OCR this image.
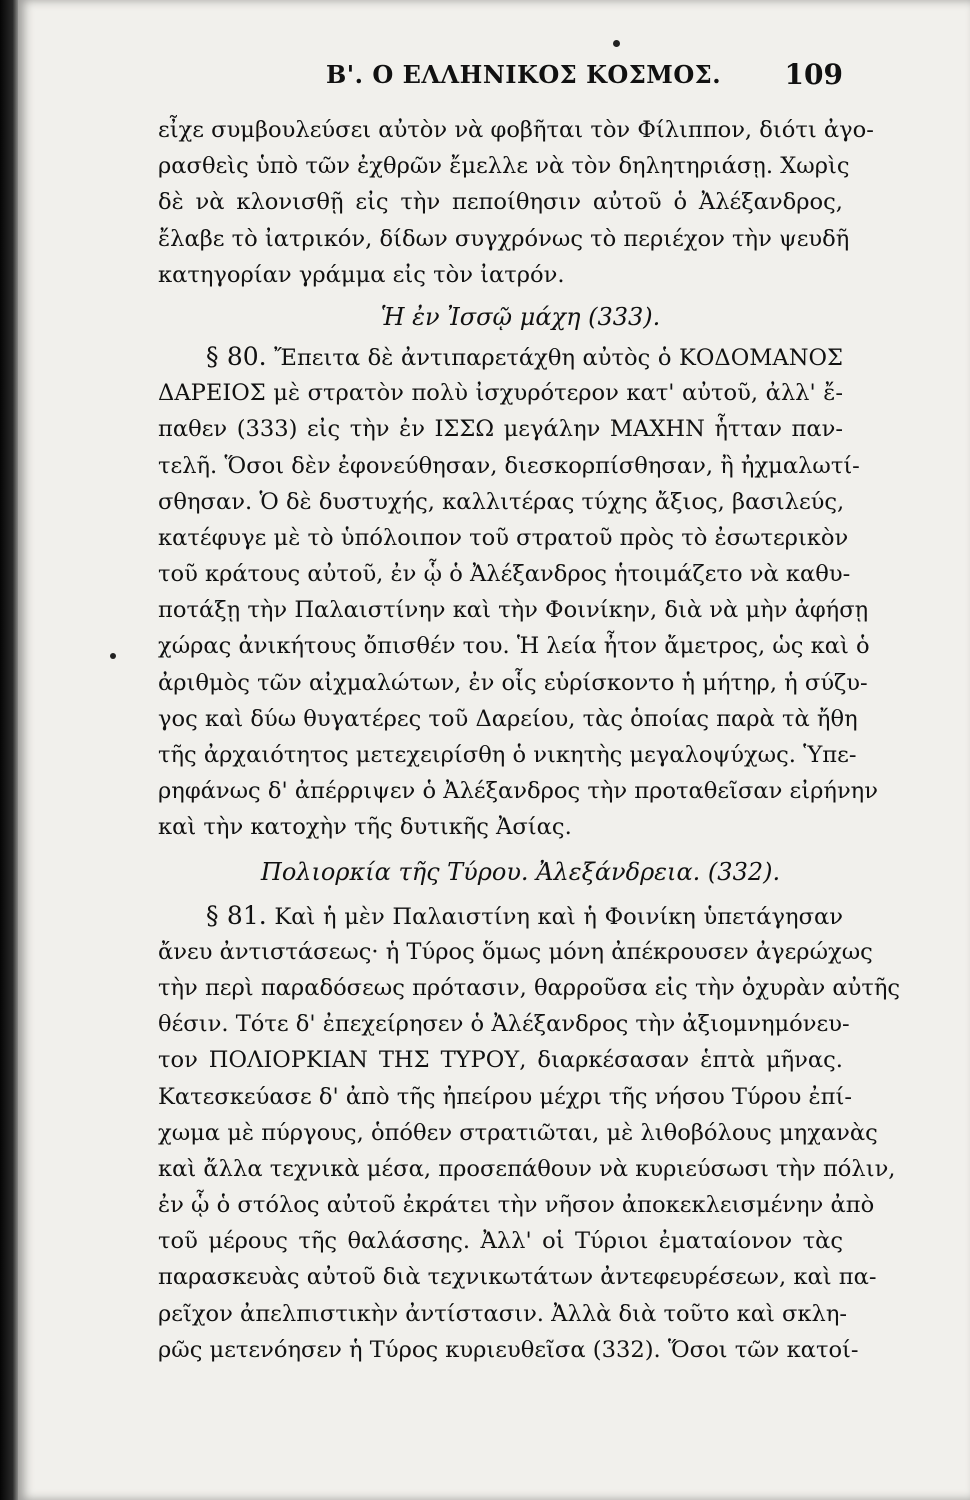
Β'. Ο ΕΛΛΗΝΙΚΟΣ ΚΟΣΜΟΣ. 109
εἶχε συμβουλεύσει αὐτὸν νὰ φοβῆται τὸν Φίλιππον, διότι ἀγο-
ρασθεὶς ὑπὸ τῶν ἐχθρῶν ἔμελλε νὰ τὸν δηλητηριάσῃ. Χωρὶς
δὲ νὰ κλονισθῇ εἰς τὴν πεποίθησιν αὐτοῦ ὁ Ἀλέξανδρος,
ἔλαβε τὸ ἰατρικόν, δίδων συγχρόνως τὸ περιέχον τὴν ψευδῆ
κατηγορίαν γράμμα εἰς τὸν ἰατρόν.
Ἡ ἐν Ἰσσῷ μάχη (333).
§ 80. Ἔπειτα δὲ ἀντιπαρετάχθη αὐτὸς ὁ ΚΟΔΟΜΑΝΟΣ
ΔΑΡΕΙΟΣ μὲ στρατὸν πολὺ ἰσχυρότερον κατ' αὐτοῦ, ἀλλ' ἔ-
παθεν (333) εἰς τὴν ἐν ΙΣΣΩ μεγάλην ΜΑΧΗΝ ἧτταν παν-
τελῆ. Ὅσοι δὲν ἐφονεύθησαν, διεσκορπίσθησαν, ἢ ἠχμαλωτί-
σθησαν. Ὁ δὲ δυστυχής, καλλιτέρας τύχης ἄξιος, βασιλεύς,
κατέφυγε μὲ τὸ ὑπόλοιπον τοῦ στρατοῦ πρὸς τὸ ἐσωτερικὸν
τοῦ κράτους αὐτοῦ, ἐν ᾧ ὁ Ἀλέξανδρος ἡτοιμάζετο νὰ καθυ-
ποτάξῃ τὴν Παλαιστίνην καὶ τὴν Φοινίκην, διὰ νὰ μὴν ἀφήσῃ
χώρας ἀνικήτους ὄπισθέν του. Ἡ λεία ἦτον ἄμετρος, ὡς καὶ ὁ
ἀριθμὸς τῶν αἰχμαλώτων, ἐν οἷς εὑρίσκοντο ἡ μήτηρ, ἡ σύζυ-
γος καὶ δύω θυγατέρες τοῦ Δαρείου, τὰς ὁποίας παρὰ τὰ ἤθη
τῆς ἀρχαιότητος μετεχειρίσθη ὁ νικητὴς μεγαλοψύχως. Ὑπε-
ρηφάνως δ' ἀπέρριψεν ὁ Ἀλέξανδρος τὴν προταθεῖσαν εἰρήνην
καὶ τὴν κατοχὴν τῆς δυτικῆς Ἀσίας.
Πολιορκία τῆς Τύρου. Ἀλεξάνδρεια. (332).
§ 81. Καὶ ἡ μὲν Παλαιστίνη καὶ ἡ Φοινίκη ὑπετάγησαν
ἄνευ ἀντιστάσεως· ἡ Τύρος ὅμως μόνη ἀπέκρουσεν ἀγερώχως
τὴν περὶ παραδόσεως πρότασιν, θαρροῦσα εἰς τὴν ὀχυρὰν αὐτῆς
θέσιν. Τότε δ' ἐπεχείρησεν ὁ Ἀλέξανδρος τὴν ἀξιομνημόνευ-
τον ΠΟΛΙΟΡΚΙΑΝ ΤΗΣ ΤΥΡΟΥ, διαρκέσασαν ἑπτὰ μῆνας.
Κατεσκεύασε δ' ἀπὸ τῆς ἠπείρου μέχρι τῆς νήσου Τύρου ἐπί-
χωμα μὲ πύργους, ὁπόθεν στρατιῶται, μὲ λιθοβόλους μηχανὰς
καὶ ἄλλα τεχνικὰ μέσα, προσεπάθουν νὰ κυριεύσωσι τὴν πόλιν,
ἐν ᾧ ὁ στόλος αὐτοῦ ἐκράτει τὴν νῆσον ἀποκεκλεισμένην ἀπὸ
τοῦ μέρους τῆς θαλάσσης. Ἀλλ' οἱ Τύριοι ἐματαίονον τὰς
παρασκευὰς αὐτοῦ διὰ τεχνικωτάτων ἀντεφευρέσεων, καὶ πα-
ρεῖχον ἀπελπιστικὴν ἀντίστασιν. Ἀλλὰ διὰ τοῦτο καὶ σκλη-
ρῶς μετενόησεν ἡ Τύρος κυριευθεῖσα (332). Ὅσοι τῶν κατοί-
